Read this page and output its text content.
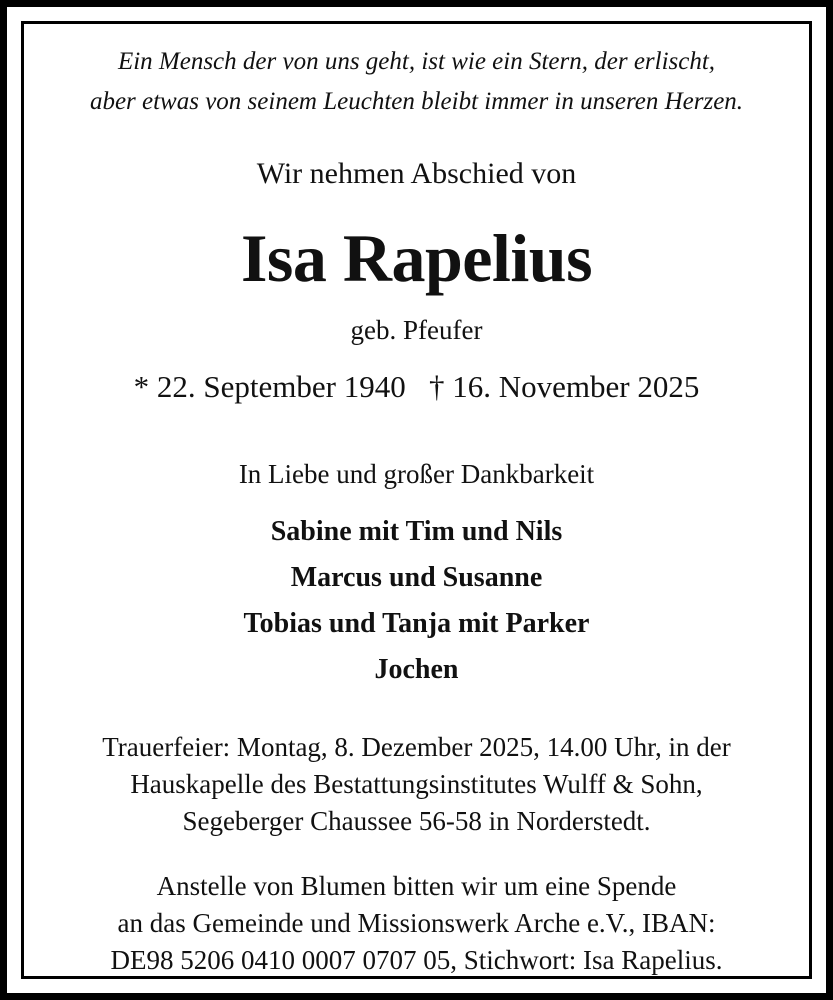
Ein Mensch der von uns geht, ist wie ein Stern, der erlischt,
aber etwas von seinem Leuchten bleibt immer in unseren Herzen.
Wir nehmen Abschied von
Isa Rapelius
geb. Pfeufer
* 22. September 1940   † 16. November 2025
In Liebe und großer Dankbarkeit
Sabine mit Tim und Nils
Marcus und Susanne
Tobias und Tanja mit Parker
Jochen
Trauerfeier: Montag, 8. Dezember 2025, 14.00 Uhr, in der
Hauskapelle des Bestattungsinstitutes Wulff & Sohn,
Segeberger Chaussee 56-58 in Norderstedt.
Anstelle von Blumen bitten wir um eine Spende
an das Gemeinde und Missionswerk Arche e.V., IBAN:
DE98 5206 0410 0007 0707 05, Stichwort: Isa Rapelius.
